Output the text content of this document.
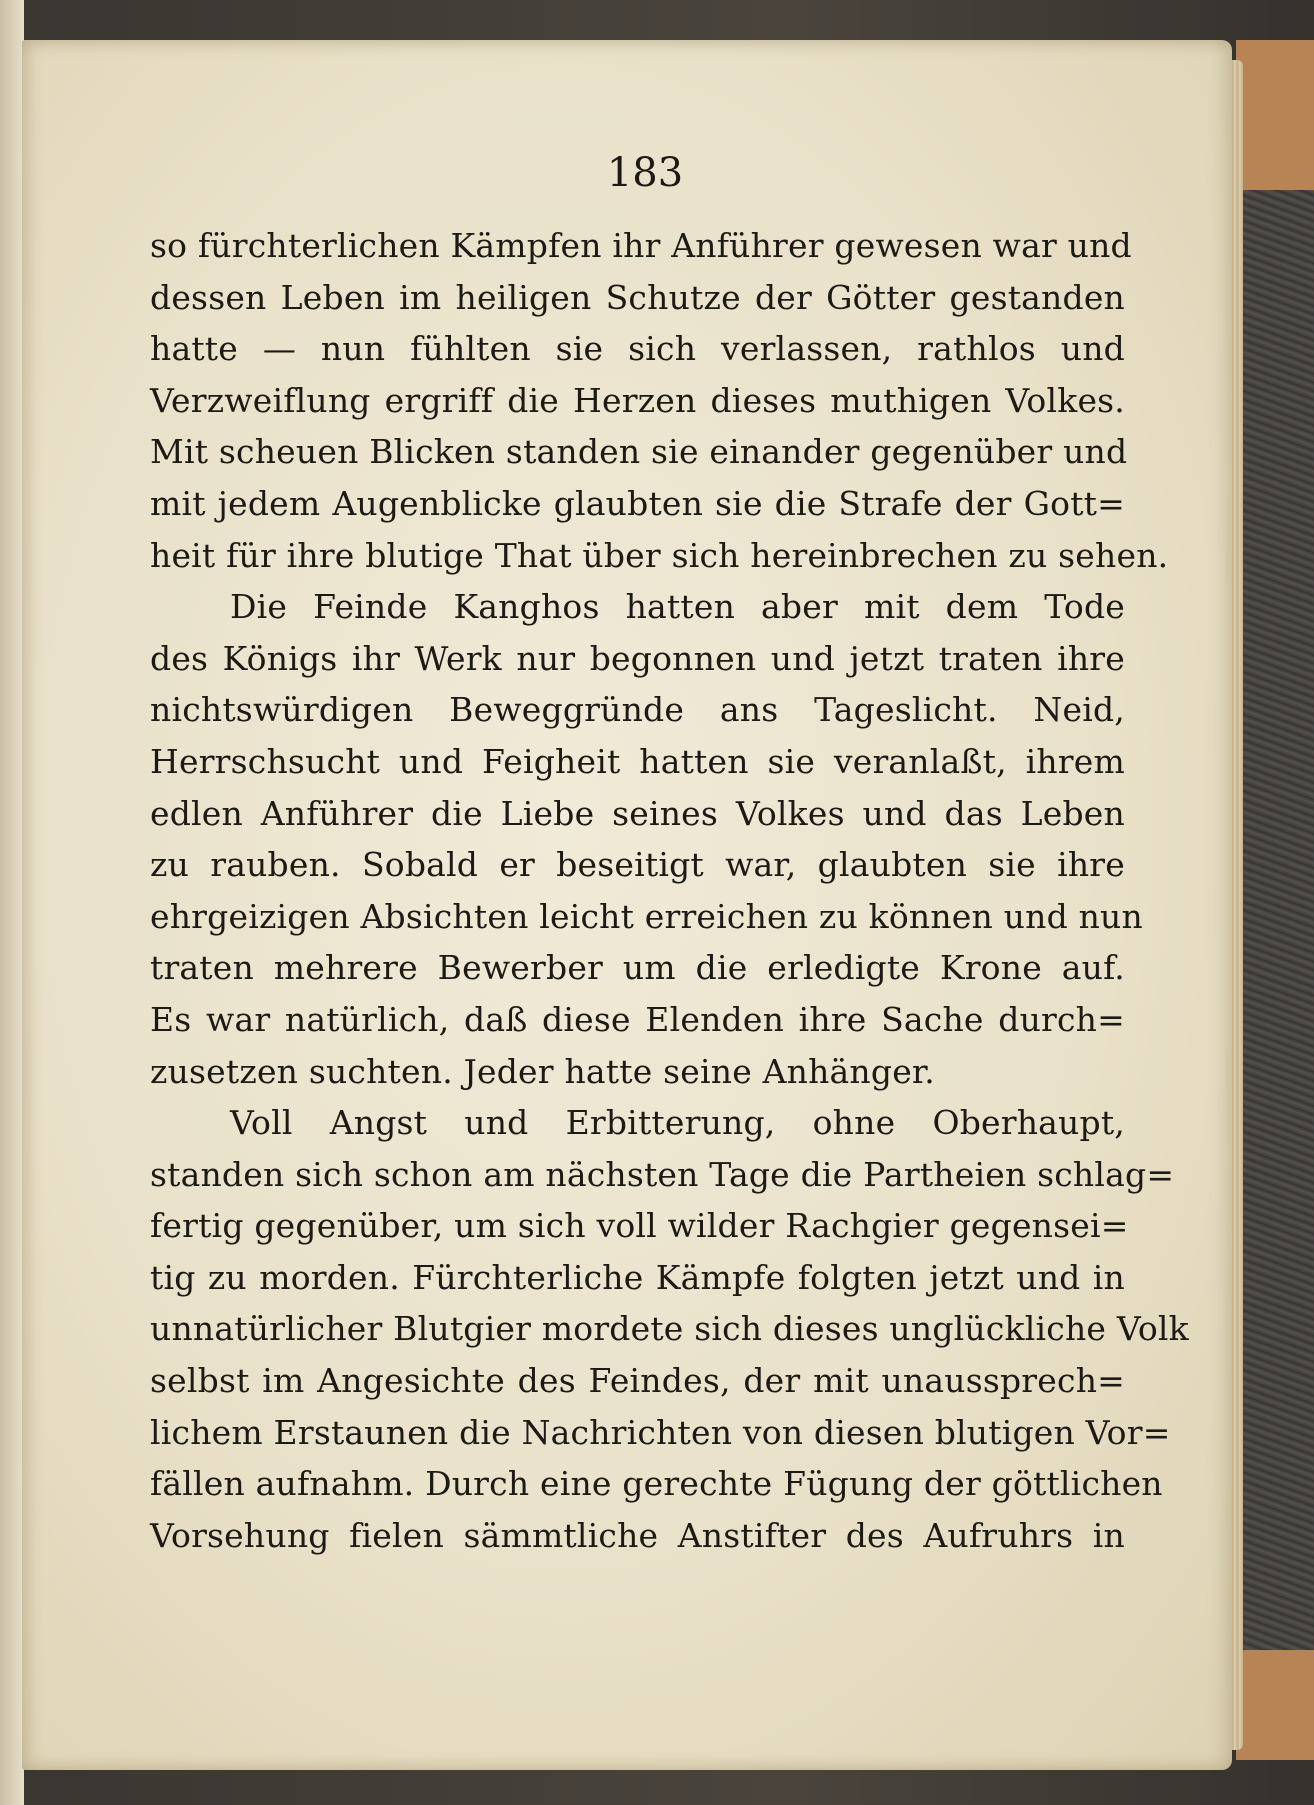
183
so fürchterlichen Kämpfen ihr Anführer gewesen war und
dessen Leben im heiligen Schutze der Götter gestanden
hatte — nun fühlten sie sich verlassen, rathlos und
Verzweiflung ergriff die Herzen dieses muthigen Volkes.
Mit scheuen Blicken standen sie einander gegenüber und
mit jedem Augenblicke glaubten sie die Strafe der Gott=
heit für ihre blutige That über sich hereinbrechen zu sehen.
Die Feinde Kanghos hatten aber mit dem Tode
des Königs ihr Werk nur begonnen und jetzt traten ihre
nichtswürdigen Beweggründe ans Tageslicht. Neid,
Herrschsucht und Feigheit hatten sie veranlaßt, ihrem
edlen Anführer die Liebe seines Volkes und das Leben
zu rauben. Sobald er beseitigt war, glaubten sie ihre
ehrgeizigen Absichten leicht erreichen zu können und nun
traten mehrere Bewerber um die erledigte Krone auf.
Es war natürlich, daß diese Elenden ihre Sache durch=
zusetzen suchten. Jeder hatte seine Anhänger.
Voll Angst und Erbitterung, ohne Oberhaupt,
standen sich schon am nächsten Tage die Partheien schlag=
fertig gegenüber, um sich voll wilder Rachgier gegensei=
tig zu morden. Fürchterliche Kämpfe folgten jetzt und in
unnatürlicher Blutgier mordete sich dieses unglückliche Volk
selbst im Angesichte des Feindes, der mit unaussprech=
lichem Erstaunen die Nachrichten von diesen blutigen Vor=
fällen aufnahm. Durch eine gerechte Fügung der göttlichen
Vorsehung fielen sämmtliche Anstifter des Aufruhrs in
